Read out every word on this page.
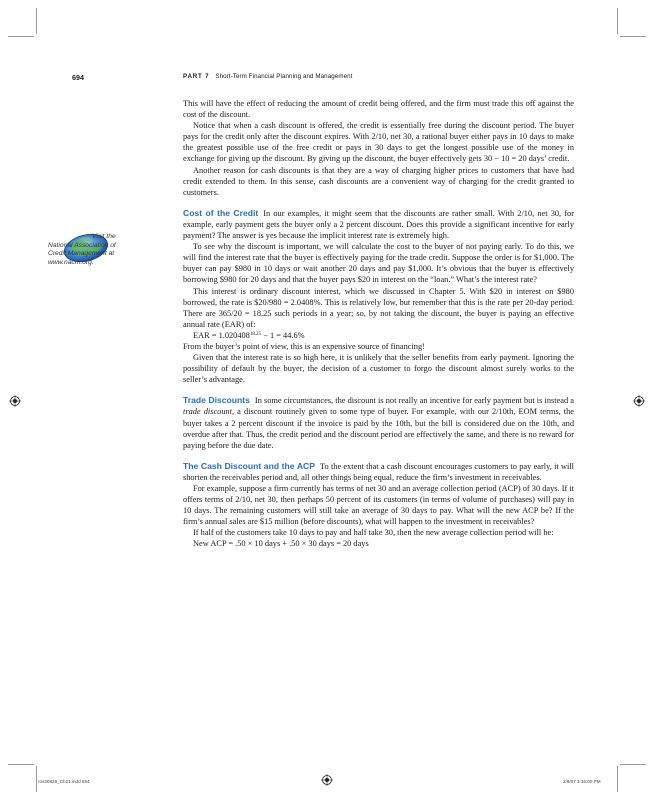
694	PART 7 Short-Term Financial Planning and Management
Visit the
National Association of
Credit Management at
www.nacm.org.

This will have the effect of reducing the amount of credit being offered, and the firm must trade this off against the cost of the discount.

Notice that when a cash discount is offered, the credit is essentially free during the discount period. The buyer pays for the credit only after the discount expires. With 2/10, net 30, a rational buyer either pays in 10 days to make the greatest possible use of the free credit or pays in 30 days to get the longest possible use of the money in exchange for giving up the discount. By giving up the discount, the buyer effectively gets 30 − 10 = 20 days’ credit.

Another reason for cash discounts is that they are a way of charging higher prices to customers that have had credit extended to them. In this sense, cash discounts are a convenient way of charging for the credit granted to customers.

Cost of the Credit In our examples, it might seem that the discounts are rather small. With 2/10, net 30, for example, early payment gets the buyer only a 2 percent discount. Does this provide a significant incentive for early payment? The answer is yes because the implicit interest rate is extremely high.

To see why the discount is important, we will calculate the cost to the buyer of not paying early. To do this, we will find the interest rate that the buyer is effectively paying for the trade credit. Suppose the order is for $1,000. The buyer can pay $980 in 10 days or wait another 20 days and pay $1,000. It’s obvious that the buyer is effectively borrowing $980 for 20 days and that the buyer pays $20 in interest on the “loan.” What’s the interest rate?

This interest is ordinary discount interest, which we discussed in Chapter 5. With $20 in interest on $980 borrowed, the rate is $20/980 = 2.0408%. This is relatively low, but remember that this is the rate per 20-day period. There are 365/20 = 18.25 such periods in a year; so, by not taking the discount, the buyer is paying an effective annual rate (EAR) of:

EAR = $1.020408^{18.25} - 1 = 44.6\%$

From the buyer’s point of view, this is an expensive source of financing!

Given that the interest rate is so high here, it is unlikely that the seller benefits from early payment. Ignoring the possibility of default by the buyer, the decision of a customer to forgo the discount almost surely works to the seller’s advantage.

Trade Discounts In some circumstances, the discount is not really an incentive for early payment but is instead a trade discount, a discount routinely given to some type of buyer. For example, with our 2/10th, EOM terms, the buyer takes a 2 percent discount if the invoice is paid by the 10th, but the bill is considered due on the 10th, and overdue after that. Thus, the credit period and the discount period are effectively the same, and there is no reward for paying before the due date.

The Cash Discount and the ACP To the extent that a cash discount encourages customers to pay early, it will shorten the receivables period and, all other things being equal, reduce the firm’s investment in receivables.

For example, suppose a firm currently has terms of net 30 and an average collection period (ACP) of 30 days. If it offers terms of 2/10, net 30, then perhaps 50 percent of its customers (in terms of volume of purchases) will pay in 10 days. The remaining customers will still take an average of 30 days to pay. What will the new ACP be? If the firm’s annual sales are $15 million (before discounts), what will happen to the investment in receivables?

If half of the customers take 10 days to pay and half take 30, then the new average collection period will be:

New ACP = .50 × 10 days + .50 × 30 days = 20 days

ros30826_Ch21.indd 694	2/8/07 3:15:00 PM
